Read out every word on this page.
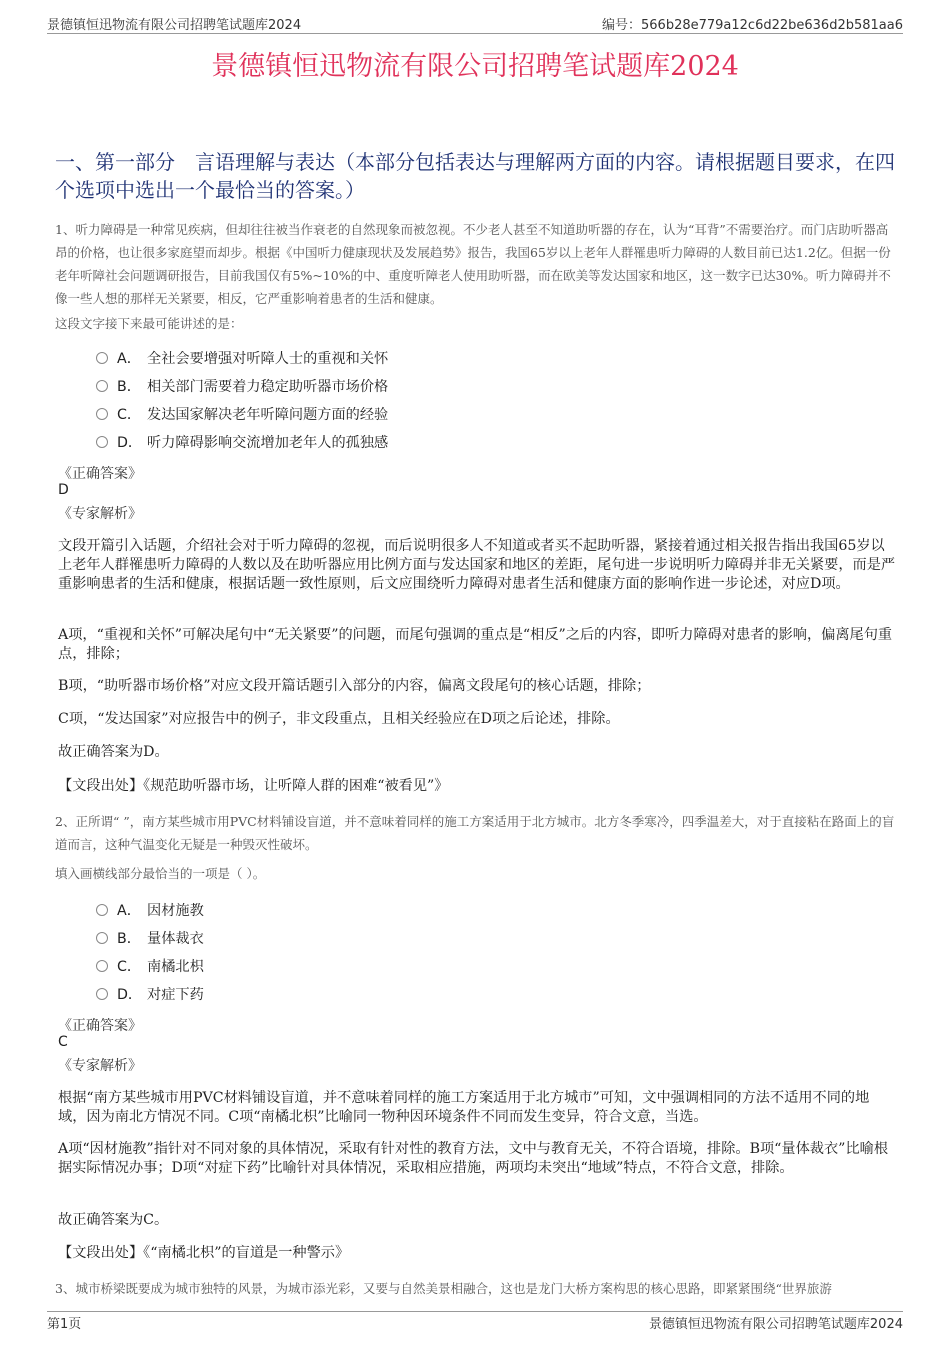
景德镇恒迅物流有限公司招聘笔试题库2024	编号：566b28e779a12c6d22be636d2b581aa6
景德镇恒迅物流有限公司招聘笔试题库2024
一、第一部分　言语理解与表达（本部分包括表达与理解两方面的内容。请根据题目要求，在四个选项中选出一个最恰当的答案。）
1、听力障碍是一种常见疾病，但却往往被当作衰老的自然现象而被忽视。不少老人甚至不知道助听器的存在，认为“耳背”不需要治疗。而门店助听器高昂的价格，也让很多家庭望而却步。根据《中国听力健康现状及发展趋势》报告，我国65岁以上老年人群罹患听力障碍的人数目前已达1.2亿。但据一份老年听障社会问题调研报告，目前我国仅有5%~10%的中、重度听障老人使用助听器，而在欧美等发达国家和地区，这一数字已达30%。听力障碍并不像一些人想的那样无关紧要，相反，它严重影响着患者的生活和健康。
这段文字接下来最可能讲述的是：
A． 全社会要增强对听障人士的重视和关怀
B． 相关部门需要着力稳定助听器市场价格
C． 发达国家解决老年听障问题方面的经验
D． 听力障碍影响交流增加老年人的孤独感
《正确答案》
D
《专家解析》
文段开篇引入话题，介绍社会对于听力障碍的忽视，而后说明很多人不知道或者买不起助听器，紧接着通过相关报告指出我国65岁以上老年人群罹患听力障碍的人数以及在助听器应用比例方面与发达国家和地区的差距，尾句进一步说明听力障碍并非无关紧要，而是严重影响患者的生活和健康，根据话题一致性原则，后文应围绕听力障碍对患者生活和健康方面的影响作进一步论述，对应D项。
A项，“重视和关怀”可解决尾句中“无关紧要”的问题，而尾句强调的重点是“相反”之后的内容，即听力障碍对患者的影响，偏离尾句重点，排除；
B项，“助听器市场价格”对应文段开篇话题引入部分的内容，偏离文段尾句的核心话题，排除；
C项，“发达国家”对应报告中的例子，非文段重点，且相关经验应在D项之后论述，排除。
故正确答案为D。
【文段出处】《规范助听器市场，让听障人群的困难“被看见”》
2、正所谓“ ”，南方某些城市用PVC材料铺设盲道，并不意味着同样的施工方案适用于北方城市。北方冬季寒冷，四季温差大，对于直接粘在路面上的盲道而言，这种气温变化无疑是一种毁灭性破坏。
填入画横线部分最恰当的一项是（ ）。
A． 因材施教
B． 量体裁衣
C． 南橘北枳
D． 对症下药
《正确答案》
C
《专家解析》
根据“南方某些城市用PVC材料铺设盲道，并不意味着同样的施工方案适用于北方城市”可知，文中强调相同的方法不适用不同的地域，因为南北方情况不同。C项“南橘北枳”比喻同一物种因环境条件不同而发生变异，符合文意，当选。
A项“因材施教”指针对不同对象的具体情况，采取有针对性的教育方法，文中与教育无关，不符合语境，排除。B项“量体裁衣”比喻根据实际情况办事；D项“对症下药”比喻针对具体情况，采取相应措施，两项均未突出“地域”特点，不符合文意，排除。
故正确答案为C。
【文段出处】《“南橘北枳”的盲道是一种警示》
3、城市桥梁既要成为城市独特的风景，为城市添光彩，又要与自然美景相融合，这也是龙门大桥方案构思的核心思路，即紧紧围绕“世界旅游
第1页	景德镇恒迅物流有限公司招聘笔试题库2024
